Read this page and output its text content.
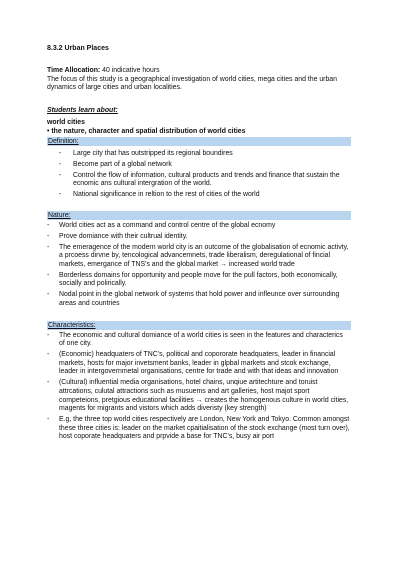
8.3.2 Urban Places
Time Allocation: 40 indicative hours
The focus of this study is a geographical investigation of world cities, mega cities and the urban dynamics of large cities and urban localities.
Students learn about:
world cities
• the nature, character and spatial distribution of world cities
Definition:
- Large city that has outstripped its regional boundires
- Become part of a global network
- Control the flow of information, cultural products and trends and finance that sustain the ecnomic ans cultural intergration of the world.
- National significance in reltion to the rest of cities of the world
Nature:
- World cities act as a command and control centre of the global ecnomy
- Prove domiance with their cultrual identity.
- The emeragence of the modern world city is an outcome of the globalisation of ecnomic activty, a prcoess dirvne by, tencological advancemnets, trade liberalism, deregulational of fincial markets, emergance of TNS’s and the global market → increased world trade
- Borderless domains for opportunity and people move for the pull factors, both economically, socially and polirically.
- Nodal point in the global network of systems that hold power and infleunce over surrounding areas and countries
Characteristics:
- The economic and cultural domiance of a world cities is seen in the features and characterics of one city.
- (Economic) headquaters of TNC’s, political and copororate headquaters, leader in financial markets, hosts for major invetsment banks, leader in glpbal markets and stcok exchange, leader in intergovernmetal organisations, centre for trade and with that ideas and innovation
- (Cultural) influential media organisations, hotel chains, unqiue artitechture and toruist attrcations, culutal attractions such as musuems and art galleries, host majot sport competeions, pretgious educational facilities → creates the homogenous culture in world cities, magents for migrants and vistors which adds diveristy (key strength)
- E.g, the three top world cities respectively are London, New York and Tokyo. Common amongst these three cities is: leader on the market cpaitialisation of the stock exchange (most turn over), host coporate headquaters and prpvide a base for TNC’s, busy air port
